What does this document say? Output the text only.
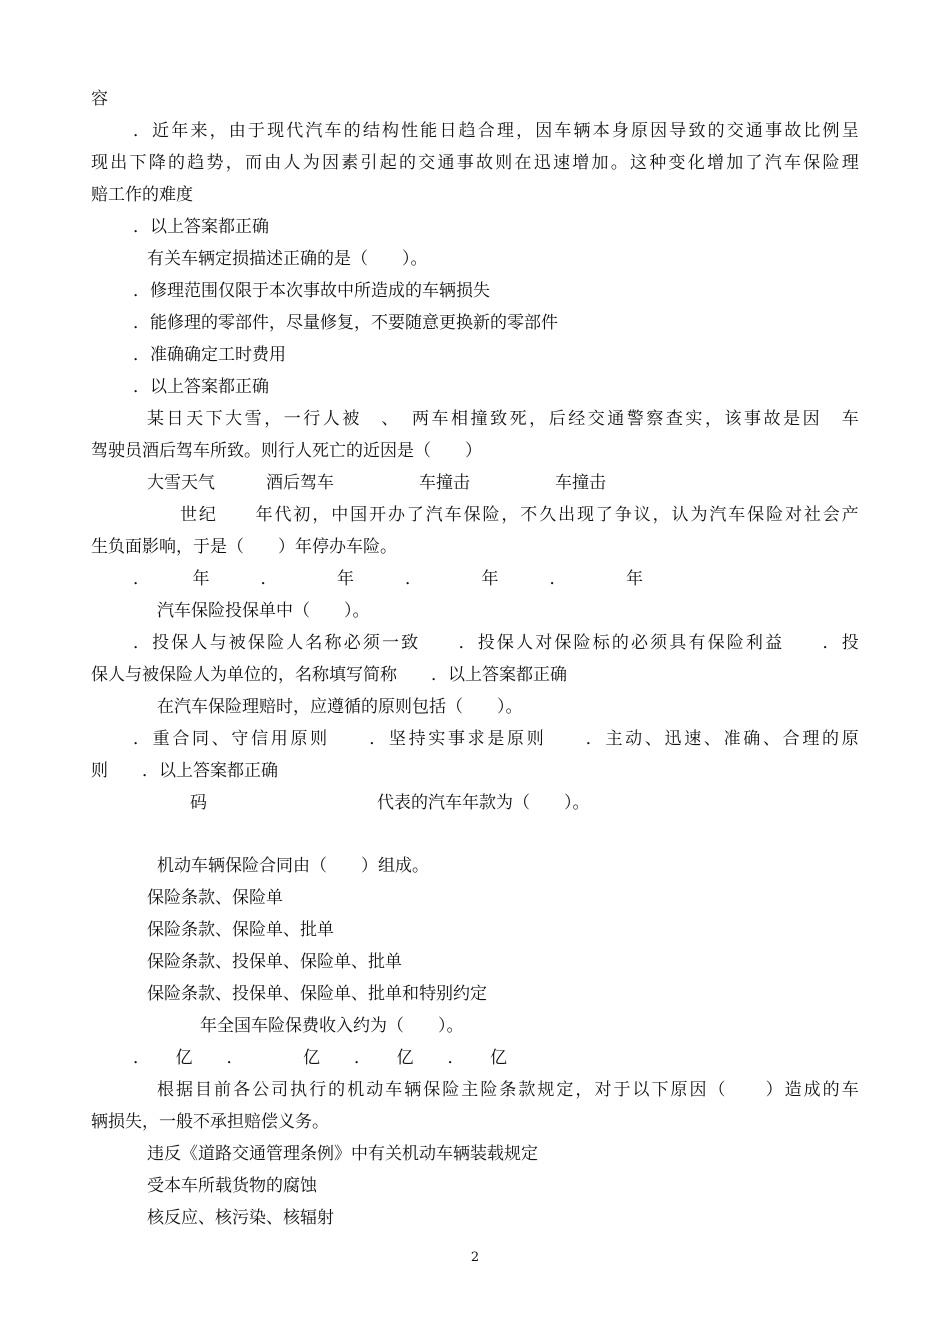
容
．近年来，由于现代汽车的结构性能日趋合理，因车辆本身原因导致的交通事故比例呈
现出下降的趋势，而由人为因素引起的交通事故则在迅速增加。这种变化增加了汽车保险理
赔工作的难度
．以上答案都正确
有关车辆定损描述正确的是（　　）。
．修理范围仅限于本次事故中所造成的车辆损失
．能修理的零部件，尽量修复，不要随意更换新的零部件
．准确确定工时费用
．以上答案都正确
某日天下大雪，一行人被　、　两车相撞致死，后经交通警察查实，该事故是因　车
驾驶员酒后驾车所致。则行人死亡的近因是（　　）
大雪天气　　　酒后驾车　　　　　车撞击　　　　　车撞击
世纪　　年代初，中国开办了汽车保险，不久出现了争议，认为汽车保险对社会产
生负面影响，于是（　　）年停办车险。
．　　　年　　　．　　　　年　　　．　　　　年　　　．　　　　年
汽车保险投保单中（　　）。
．投保人与被保险人名称必须一致　　．投保人对保险标的必须具有保险利益　　．投
保人与被保险人为单位的，名称填写简称　　．以上答案都正确
在汽车保险理赔时，应遵循的原则包括（　　）。
．重合同、守信用原则　　．坚持实事求是原则　　．主动、迅速、准确、合理的原
则　　．以上答案都正确
码　　　　　　　　　　代表的汽车年款为（　　）。
机动车辆保险合同由（　　）组成。
保险条款、保险单
保险条款、保险单、批单
保险条款、投保单、保险单、批单
保险条款、投保单、保险单、批单和特别约定
年全国车险保费收入约为（　　）。
．　　亿　　．　　　　亿　　．　　亿　　．　　亿
根据目前各公司执行的机动车辆保险主险条款规定，对于以下原因（　　）造成的车
辆损失，一般不承担赔偿义务。
违反《道路交通管理条例》中有关机动车辆装载规定
受本车所载货物的腐蚀
核反应、核污染、核辐射
2
